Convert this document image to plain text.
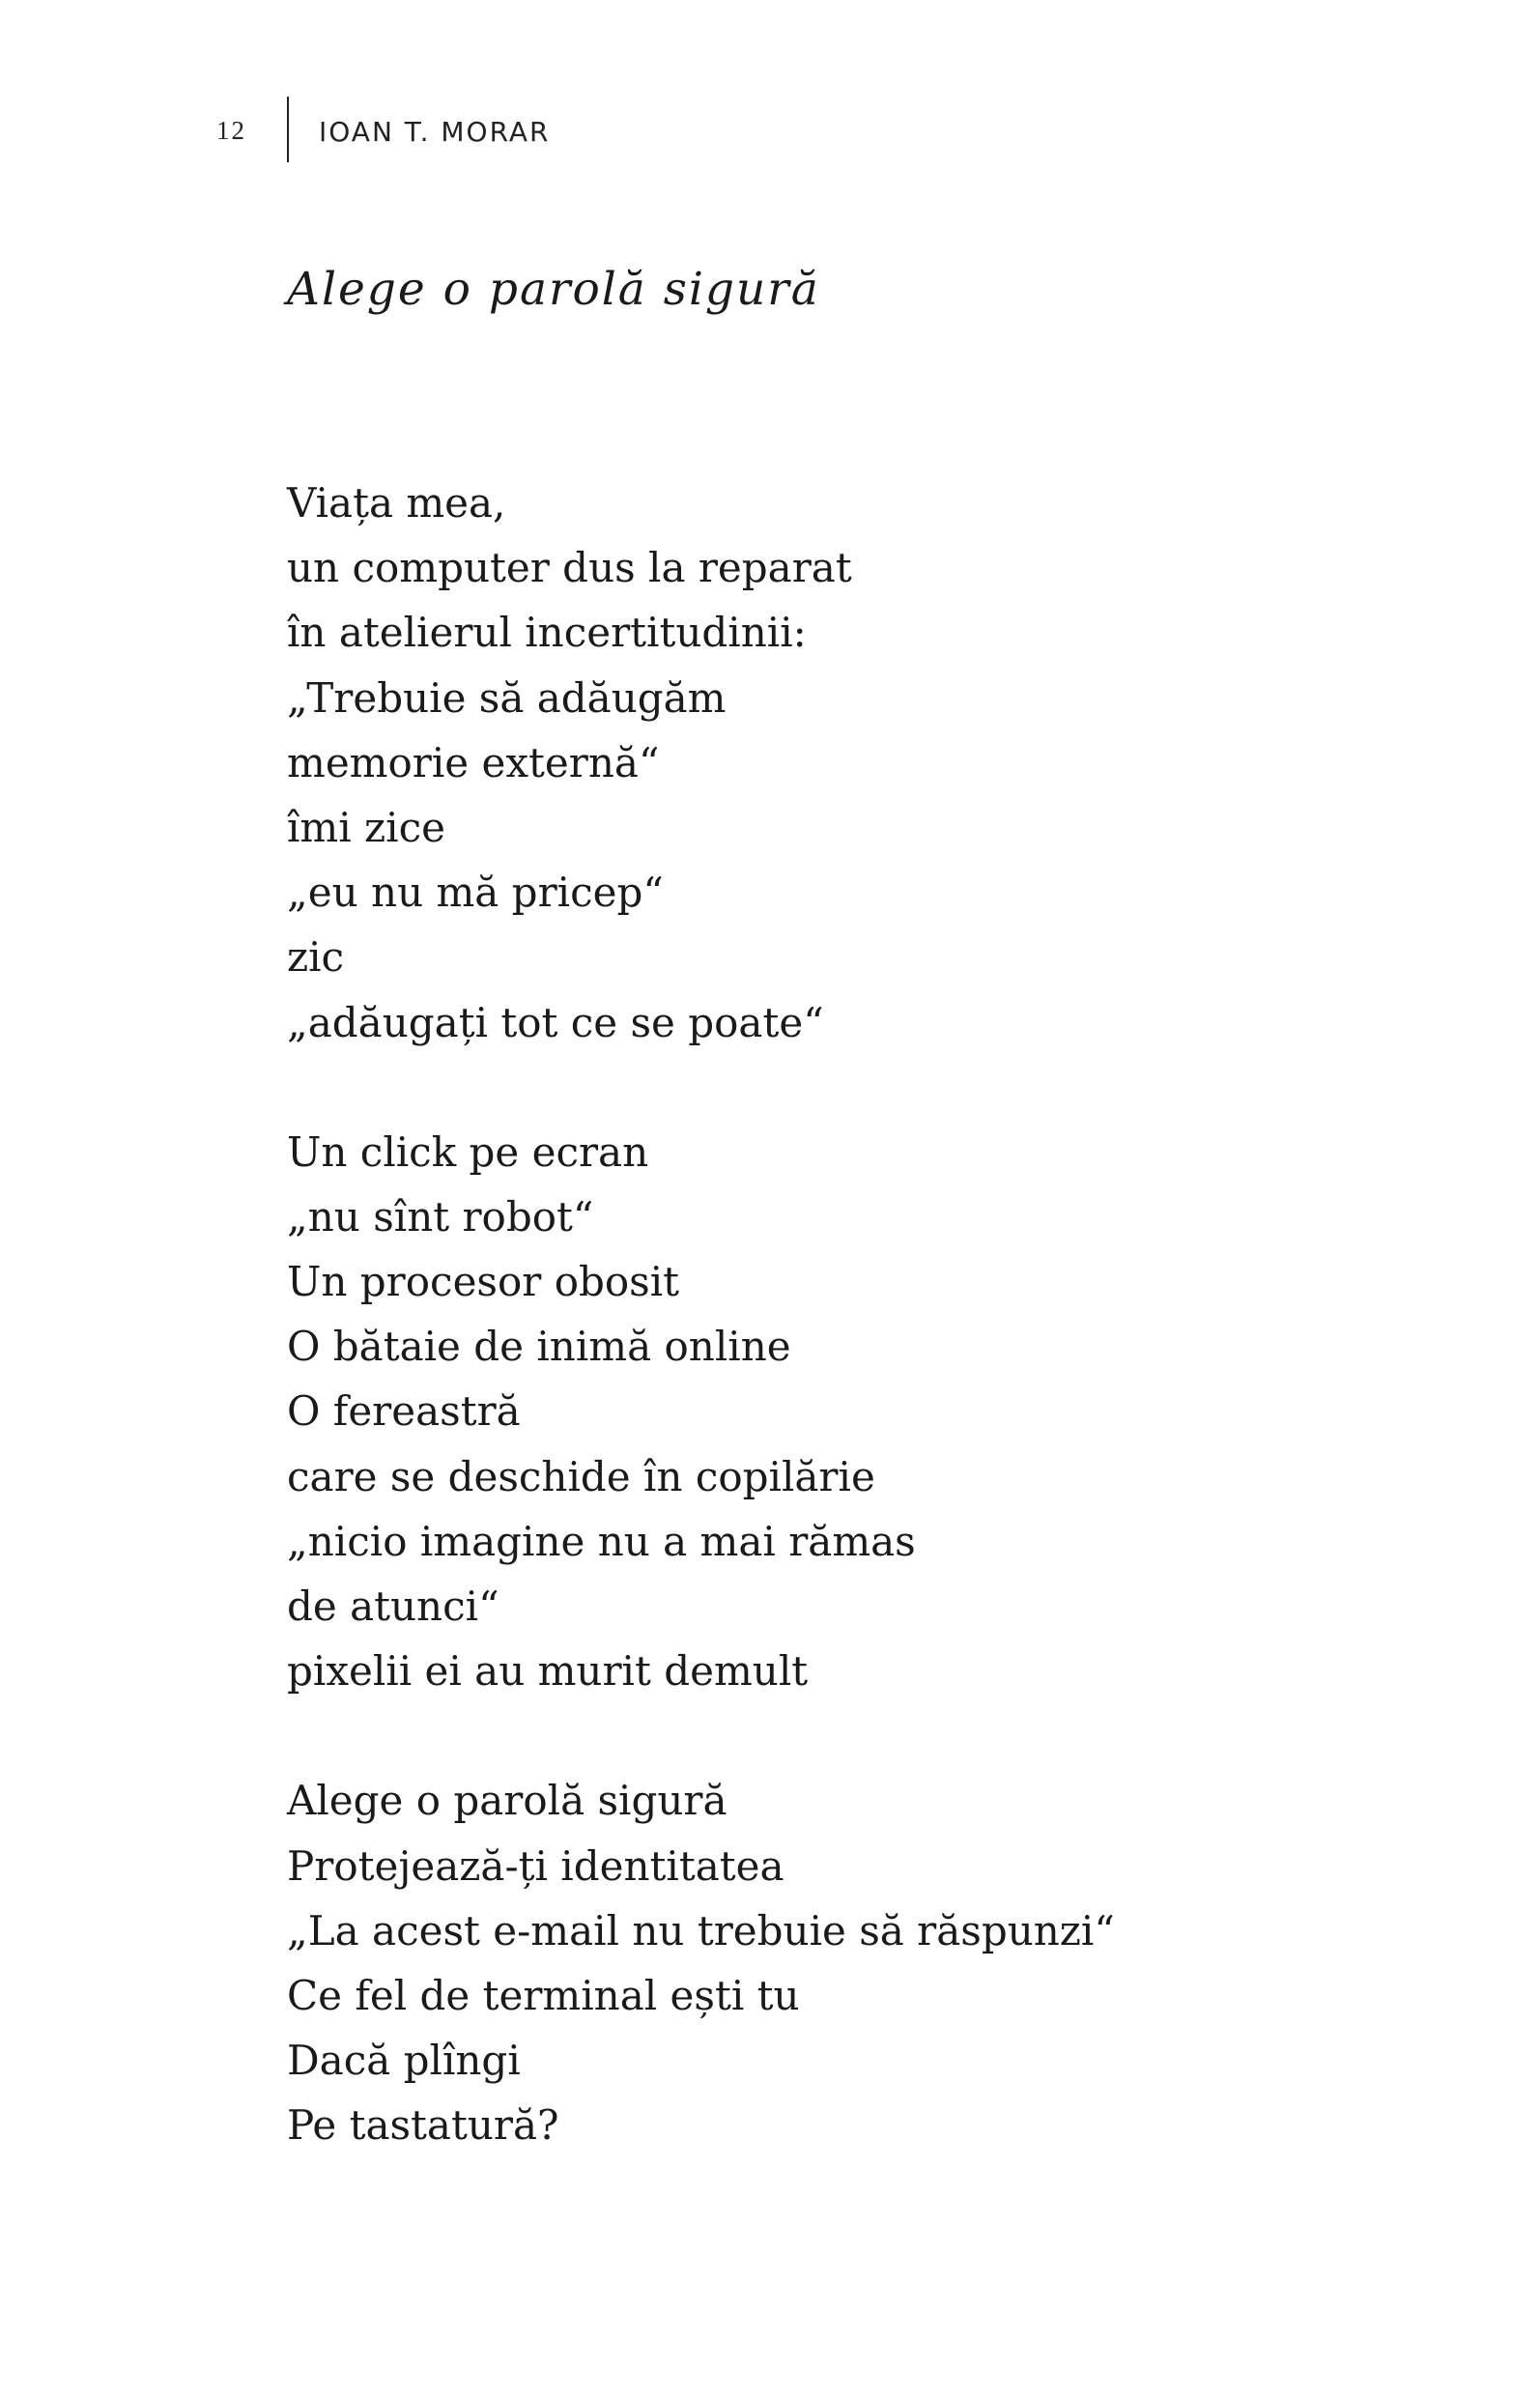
12	IOAN T. MORAR
Alege o parolă sigură
Viața mea,
un computer dus la reparat
în atelierul incertitudinii:
„Trebuie să adăugăm
memorie externă“
îmi zice
„eu nu mă pricep“
zic
„adăugați tot ce se poate“
Un click pe ecran
„nu sînt robot“
Un procesor obosit
O bătaie de inimă online
O fereastră
care se deschide în copilărie
„nicio imagine nu a mai rămas
de atunci“
pixelii ei au murit demult
Alege o parolă sigură
Protejează-ți identitatea
„La acest e-mail nu trebuie să răspunzi“
Ce fel de terminal ești tu
Dacă plîngi
Pe tastatură?
